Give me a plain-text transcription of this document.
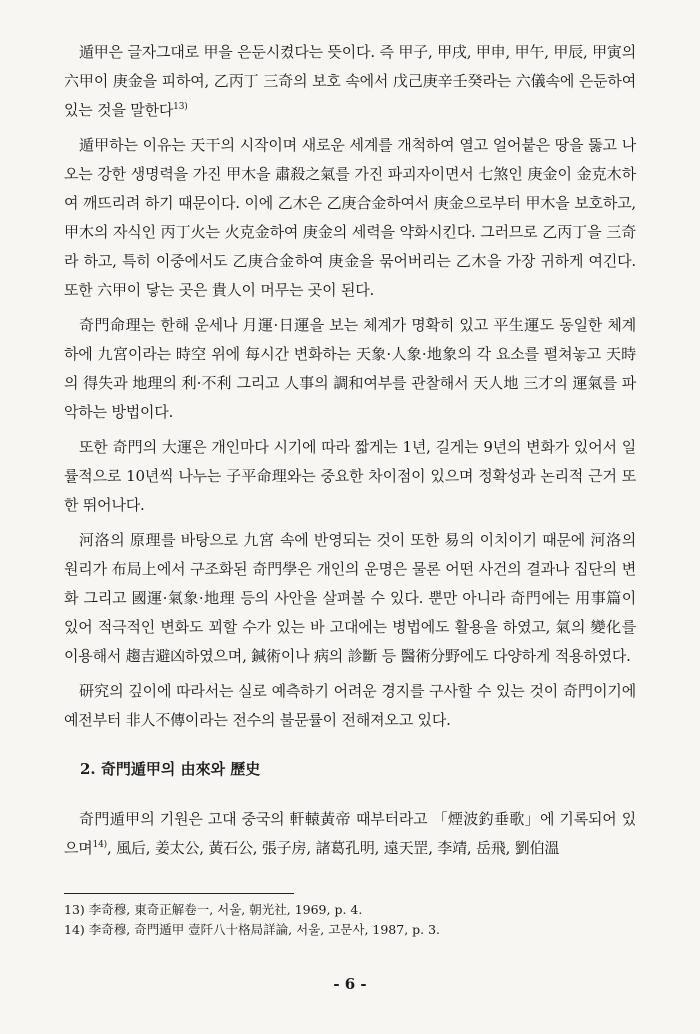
遁甲은 글자그대로 甲을 은둔시켰다는 뜻이다. 즉 甲子, 甲戌, 甲申, 甲午, 甲辰, 甲寅의 六甲이 庚金을 피하여, 乙丙丁 三奇의 보호 속에서 戊己庚辛壬癸라는 六儀속에 은둔하여 있는 것을 말한다$^{13)}$

遁甲하는 이유는 天干의 시작이며 새로운 세계를 개척하여 열고 얼어붙은 땅을 뚫고 나오는 강한 생명력을 가진 甲木을 肅殺之氣를 가진 파괴자이면서 七煞인 庚金이 金克木하여 깨뜨리려 하기 때문이다. 이에 乙木은 乙庚合金하여서 庚金으로부터 甲木을 보호하고, 甲木의 자식인 丙丁火는 火克金하여 庚金의 세력을 약화시킨다. 그러므로 乙丙丁을 三奇라 하고, 특히 이중에서도 乙庚合金하여 庚金을 묶어버리는 乙木을 가장 귀하게 여긴다. 또한 六甲이 닿는 곳은 貴人이 머무는 곳이 된다.

奇門命理는 한해 운세나 月運·日運을 보는 체계가 명확히 있고 平生運도 동일한 체계 하에 九宮이라는 時空 위에 每시간 변화하는 天象·人象·地象의 각 요소를 펼쳐놓고 天時의 得失과 地理의 利·不利 그리고 人事의 調和여부를 관찰해서 天人地 三才의 運氣를 파악하는 방법이다.

또한 奇門의 大運은 개인마다 시기에 따라 짧게는 1년, 길게는 9년의 변화가 있어서 일률적으로 10년씩 나누는 子平命理와는 중요한 차이점이 있으며 정확성과 논리적 근거 또한 뛰어나다.

河洛의 原理를 바탕으로 九宮 속에 반영되는 것이 또한 易의 이치이기 때문에 河洛의 원리가 布局上에서 구조화된 奇門學은 개인의 운명은 물론 어떤 사건의 결과나 집단의 변화 그리고 國運·氣象·地理 등의 사안을 살펴볼 수 있다. 뿐만 아니라 奇門에는 用事篇이 있어 적극적인 변화도 꾀할 수가 있는 바 고대에는 병법에도 활용을 하였고, 氣의 變化를 이용해서 趨吉避凶하였으며, 鍼術이나 病의 診斷 등 醫術分野에도 다양하게 적용하였다.

研究의 깊이에 따라서는 실로 예측하기 어려운 경지를 구사할 수 있는 것이 奇門이기에 예전부터 非人不傳이라는 전수의 불문률이 전해져오고 있다.

2. 奇門遁甲의 由來와 歷史

奇門遁甲의 기원은 고대 중국의 軒轅黃帝 때부터라고 「煙波釣垂歌」에 기록되어 있으며$^{14)}$, 風后, 姜太公, 黃石公, 張子房, 諸葛孔明, 遠天罡, 李靖, 岳飛, 劉伯溫

13) 李奇穆, 東奇正解卷一, 서울, 朝光社, 1969, p. 4.

14) 李奇穆, 奇門遁甲 壹阡八十格局詳論, 서울, 고문사, 1987, p. 3.

- 6 -
